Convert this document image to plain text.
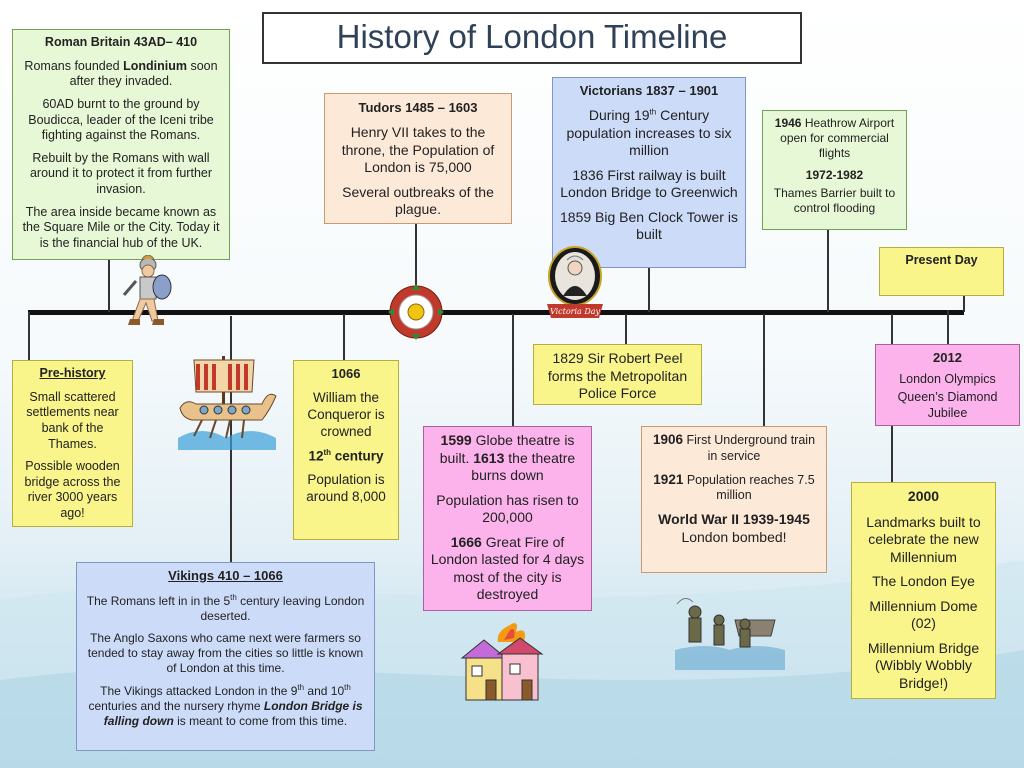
History of London Timeline

Roman Britain 43AD– 410

Romans founded Londinium soon after they invaded.

60AD burnt to the ground by Boudicca, leader of the Iceni tribe fighting against the Romans.

Rebuilt by the Romans with wall around it to protect it from further invasion.

The area inside became known as the Square Mile or the City. Today it is the financial hub of the UK.

Tudors 1485 – 1603

Henry VII takes to the throne, the Population of London is 75,000

Several outbreaks of the plague.

Victorians 1837 – 1901

During 19th Century population increases to six million

1836 First railway is built London Bridge to Greenwich

1859 Big Ben Clock Tower is built

1946 Heathrow Airport open for commercial flights

1972-1982

Thames Barrier built to control flooding

Present Day

Pre-history

Small scattered settlements near bank of the Thames.

Possible wooden bridge across the river 3000 years ago!

1066

William the Conqueror is crowned

12th century

Population is around 8,000

1829 Sir Robert Peel forms the Metropolitan Police Force

2012

London Olympics

Queen’s Diamond Jubilee

1599 Globe theatre is built. 1613 the theatre burns down

Population has risen to 200,000

1666 Great Fire of London lasted for 4 days most of the city is destroyed

1906 First Underground train in service

1921 Population reaches 7.5 million

World War II 1939-1945 London bombed!

Vikings 410 – 1066

The Romans left in in the 5th century leaving London deserted.

The Anglo Saxons who came next were farmers so tended to stay away from the cities so little is known of London at this time.

The Vikings attacked London in the 9th and 10th centuries and the nursery rhyme London Bridge is falling down is meant to come from this time.

2000

Landmarks built to celebrate the new Millennium

The London Eye

Millennium Dome (02)

Millennium Bridge (Wibbly Wobbly Bridge!)

Victoria Day
